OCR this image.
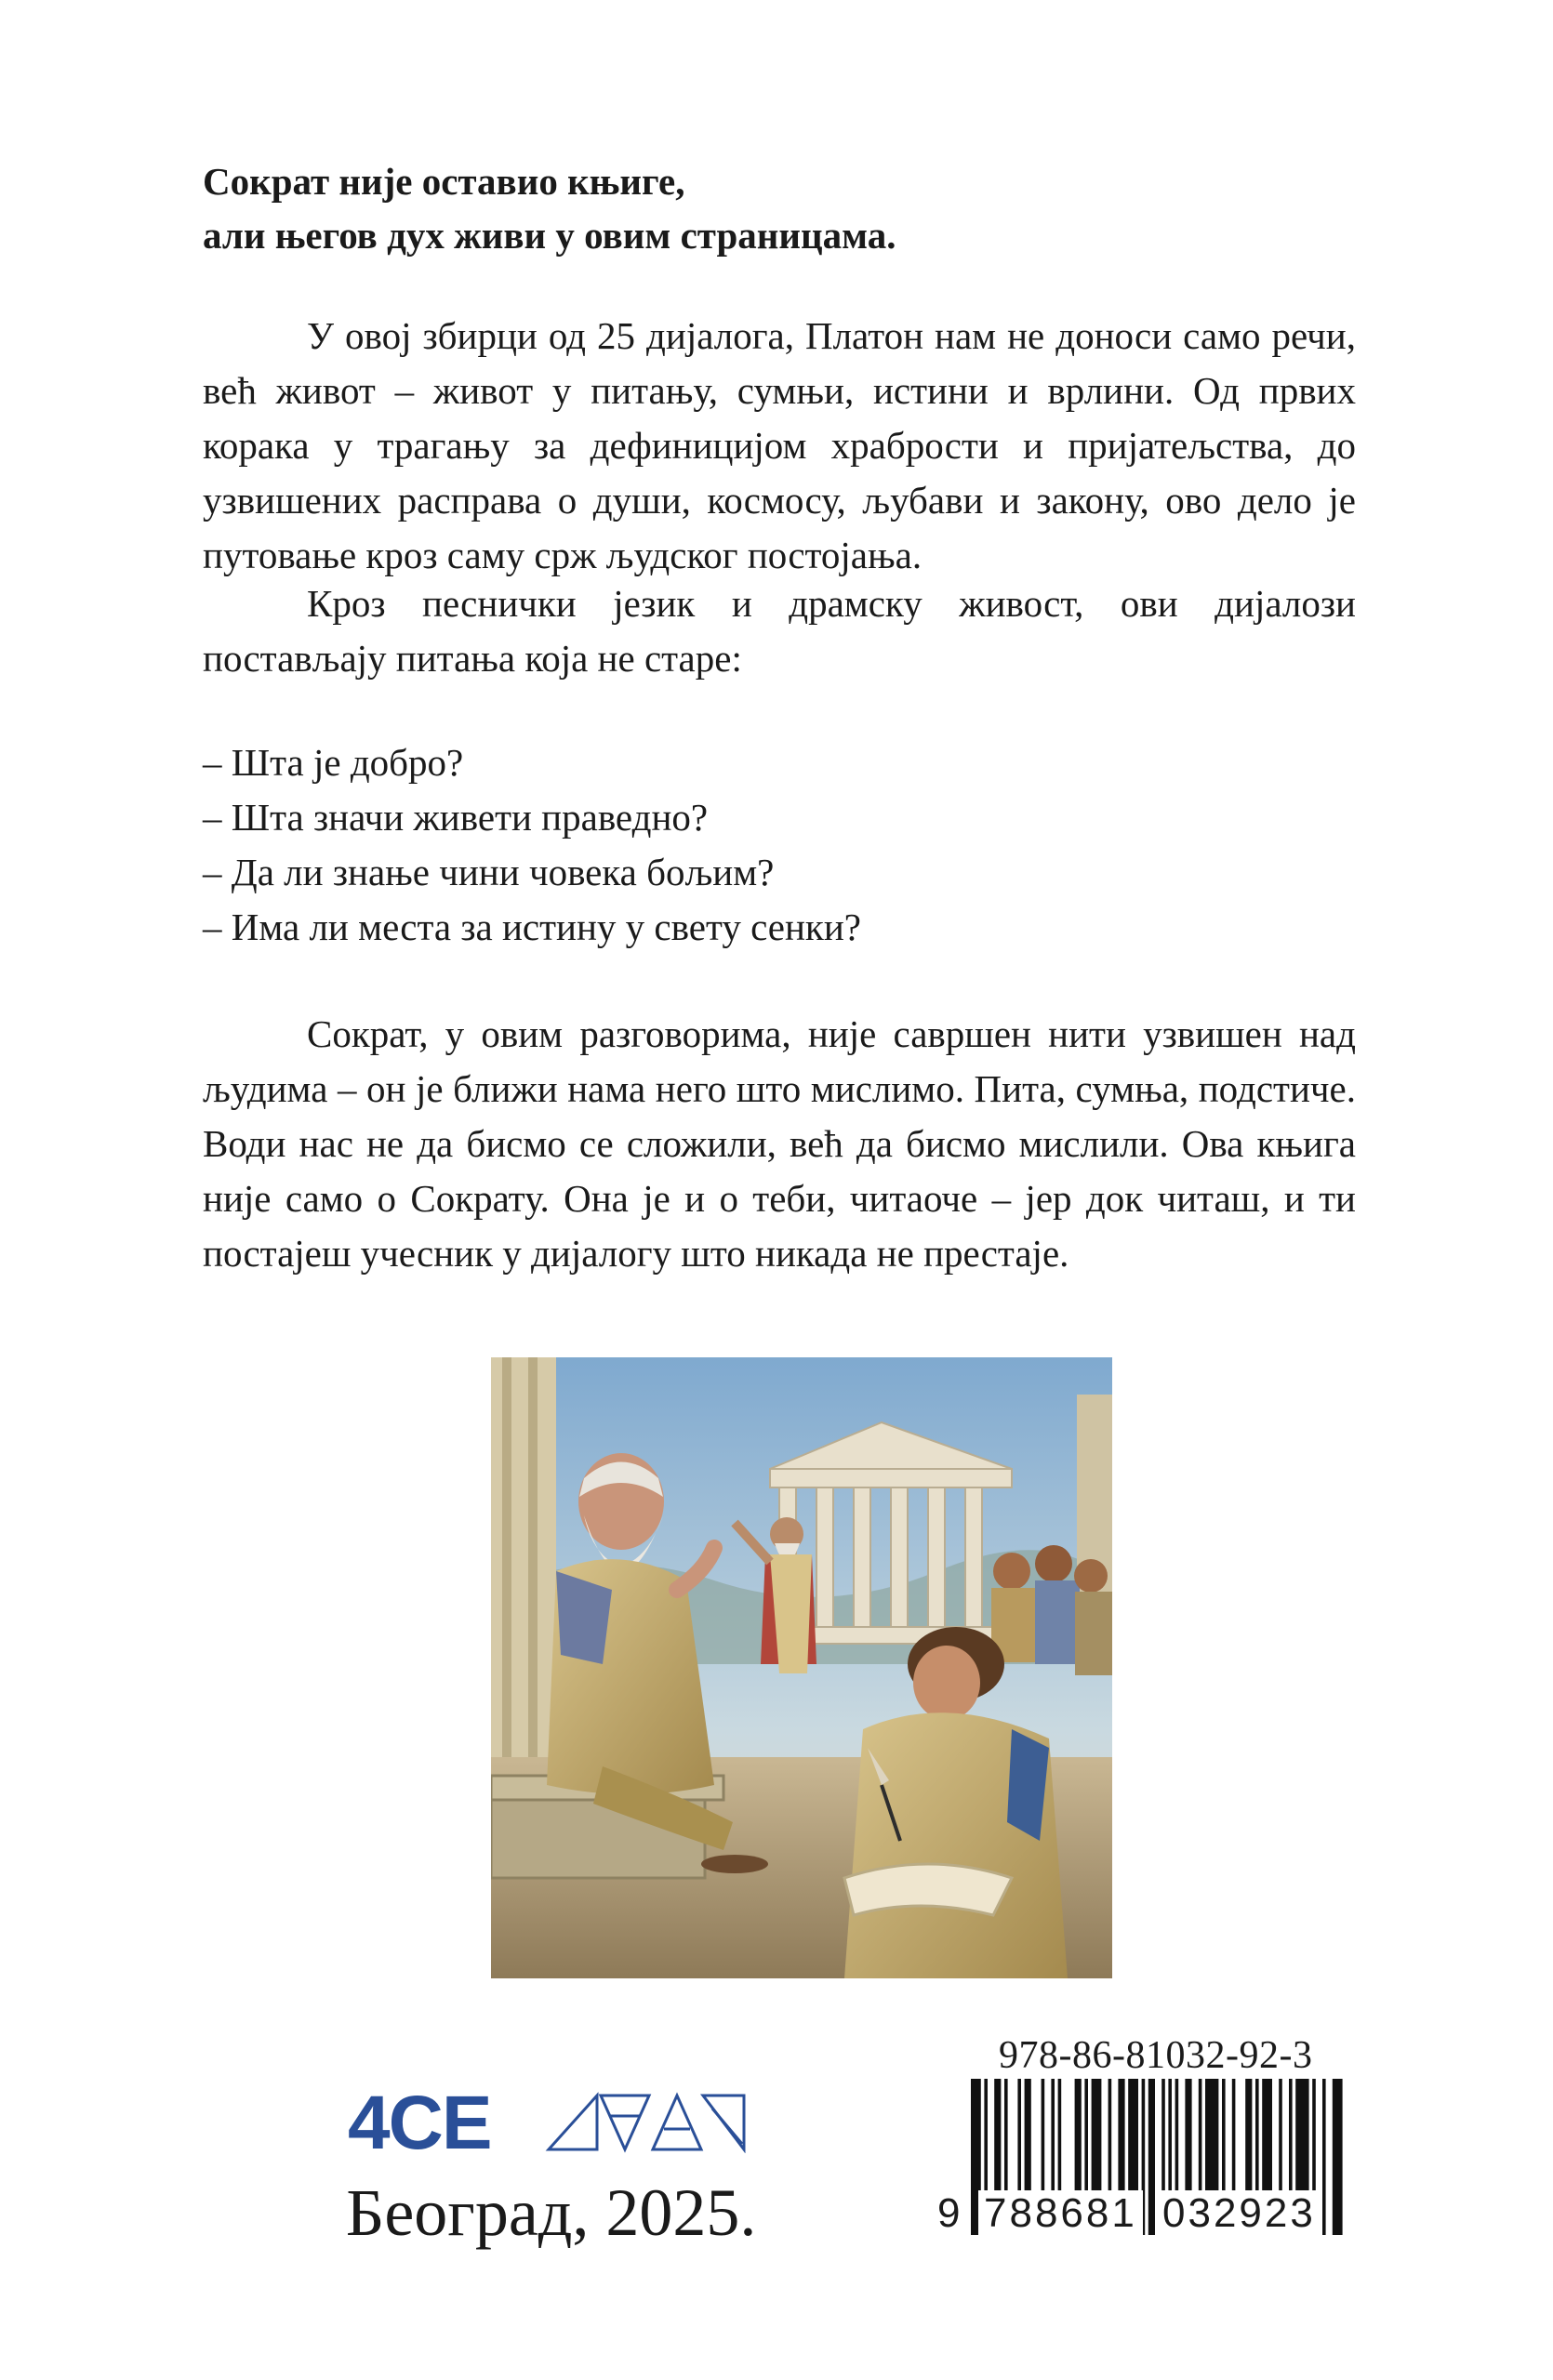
Сократ није оставио књиге,
али његов дух живи у овим страницама.

У овој збирци од 25 дијалога, Платон нам не доноси само речи, већ живот – живот у питању, сумњи, истини и врлини. Од првих корака у трагању за дефиницијом храбрости и пријатељства, до узвишених расправа о души, космосу, љубави и закону, ово дело је путовање кроз саму срж људског постојања.

Кроз песнички језик и драмску живост, ови дијалози постављају питања која не старе:

– Шта је добро?
– Шта значи живети праведно?
– Да ли знање чини човека бољим?
– Има ли места за истину у свету сенки?

Сократ, у овим разговорима, није савршен нити узвишен над људима – он је ближи нама него што мислимо. Пита, сумња, подстиче. Води нас не да бисмо се сложили, већ да бисмо мислили. Ова књига није само о Сократу. Она је и о теби, читаоче – јер док читаш, и ти постајеш учесник у дијалогу што никада не престаје.

4CE
Београд, 2025.
978-86-81032-92-3
9 788681 032923
